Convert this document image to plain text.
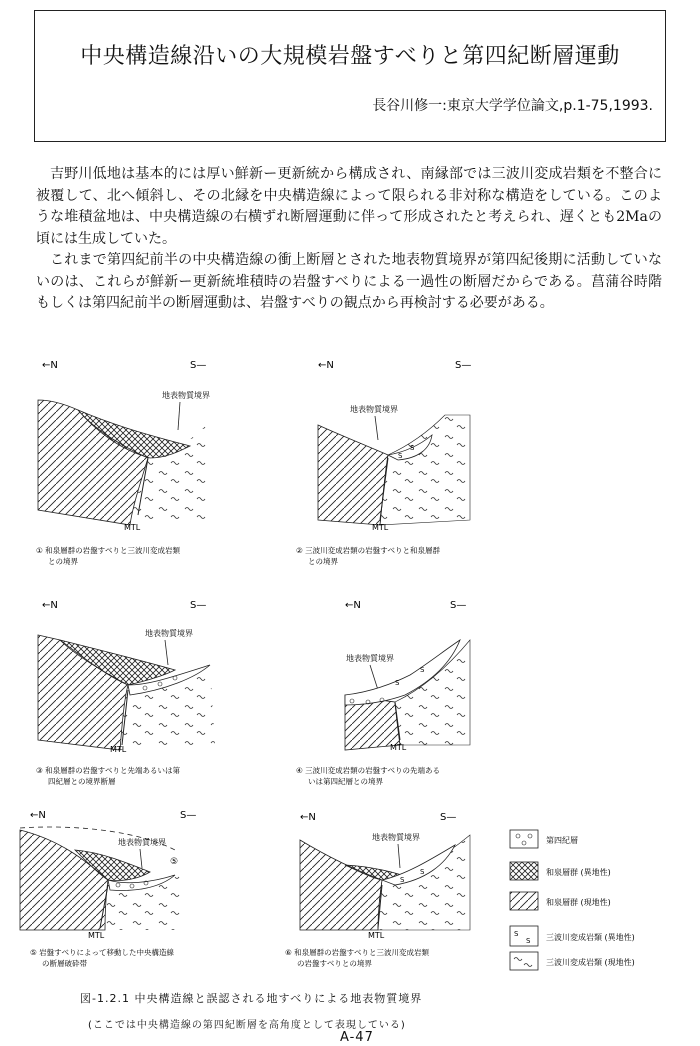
中央構造線沿いの大規模岩盤すべりと第四紀断層運動
長谷川修一:東京大学学位論文,p.1-75,1993.

吉野川低地は基本的には厚い鮮新ー更新統から構成され、南縁部では三波川変成岩類を不整合に被覆して、北へ傾斜し、その北縁を中央構造線によって限られる非対称な構造をしている。このような堆積盆地は、中央構造線の右横ずれ断層運動に伴って形成されたと考えられ、遅くとも2Maの頃には生成していた。

これまで第四紀前半の中央構造線の衝上断層とされた地表物質境界が第四紀後期に活動していないのは、これらが鮮新ー更新統堆積時の岩盤すべりによる一過性の断層だからである。菖蒲谷時階もしくは第四紀前半の断層運動は、岩盤すべりの観点から再検討する必要がある。

←N	S—
地表物質境界
MTL
① 和泉層群の岩盤すべりと三波川変成岩類
との境界
←N	S—
地表物質境界
S
S
MTL
② 三波川変成岩類の岩盤すべりと和泉層群
との境界
←N	S—
地表物質境界
MTL
③ 和泉層群の岩盤すべりと先端あるいは第
四紀層との境界断層
←N	S—
地表物質境界
S
S
MTL
④ 三波川変成岩類の岩盤すべりの先端ある
いは第四紀層との境界
←N	S—
地表物質境界
⑤
MTL
⑤ 岩盤すべりによって移動した中央構造線
の断層破砕帯
←N	S—
地表物質境界
S
S
MTL
⑥ 和泉層群の岩盤すべりと三波川変成岩類
の岩盤すべりとの境界
第四紀層
和泉層群 (異地性)
和泉層群 (現地性)
S
S 三波川変成岩類 (異地性)
三波川変成岩類 (現地性)
図-1.2.1 中央構造線と誤認される地すべりによる地表物質境界
(ここでは中央構造線の第四紀断層を高角度として表現している)
A-47
